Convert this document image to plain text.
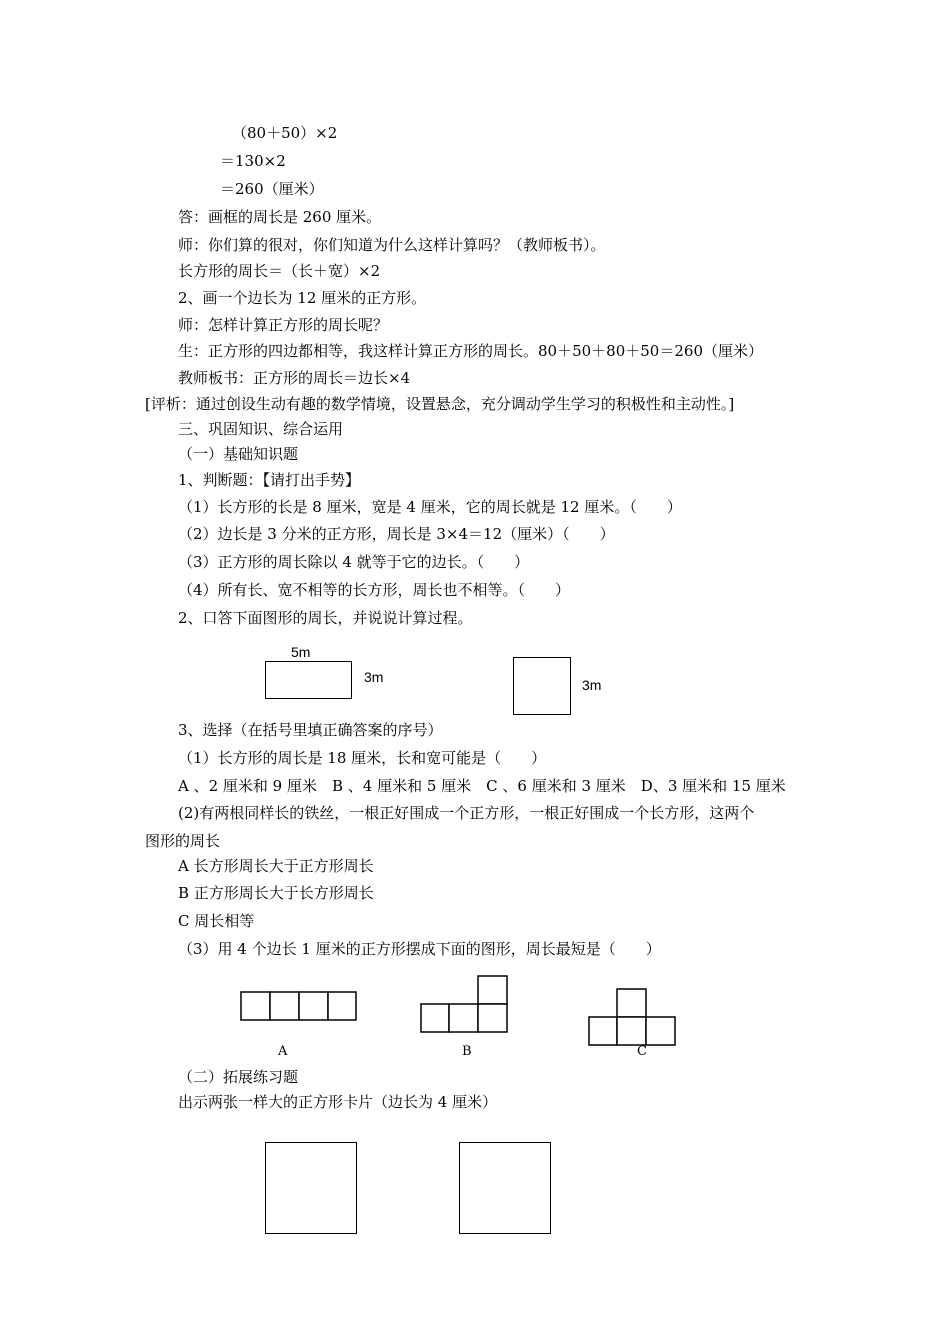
（80＋50）×2
＝130×2
＝260（厘米）
答：画框的周长是 260 厘米。
师：你们算的很对，你们知道为什么这样计算吗？（教师板书）。
长方形的周长＝（长＋宽）×2
2、画一个边长为 12 厘米的正方形。
师：怎样计算正方形的周长呢？
生：正方形的四边都相等，我这样计算正方形的周长。80＋50＋80＋50＝260（厘米）
教师板书：正方形的周长＝边长×4
[评析：通过创设生动有趣的数学情境，设置悬念，充分调动学生学习的积极性和主动性。]
三、巩固知识、综合运用
（一）基础知识题
1、判断题：【请打出手势】
（1）长方形的长是 8 厘米，宽是 4 厘米，它的周长就是 12 厘米。（　　）
（2）边长是 3 分米的正方形，周长是 3×4＝12（厘米）（　　）
（3）正方形的周长除以 4 就等于它的边长。（　　）
（4）所有长、宽不相等的长方形，周长也不相等。（　　）
2、口答下面图形的周长，并说说计算过程。
5m
3m	3m
3、选择（在括号里填正确答案的序号）
（1）长方形的周长是 18 厘米，长和宽可能是（　　）
A 、2 厘米和 9 厘米　B 、4 厘米和 5 厘米　C 、6 厘米和 3 厘米　D、3 厘米和 15 厘米
(2)有两根同样长的铁丝，一根正好围成一个正方形，一根正好围成一个长方形，这两个
图形的周长
A 长方形周长大于正方形周长
B 正方形周长大于长方形周长
C 周长相等
（3）用 4 个边长 1 厘米的正方形摆成下面的图形，周长最短是（　　）
A	B	C
（二）拓展练习题
出示两张一样大的正方形卡片（边长为 4 厘米）
